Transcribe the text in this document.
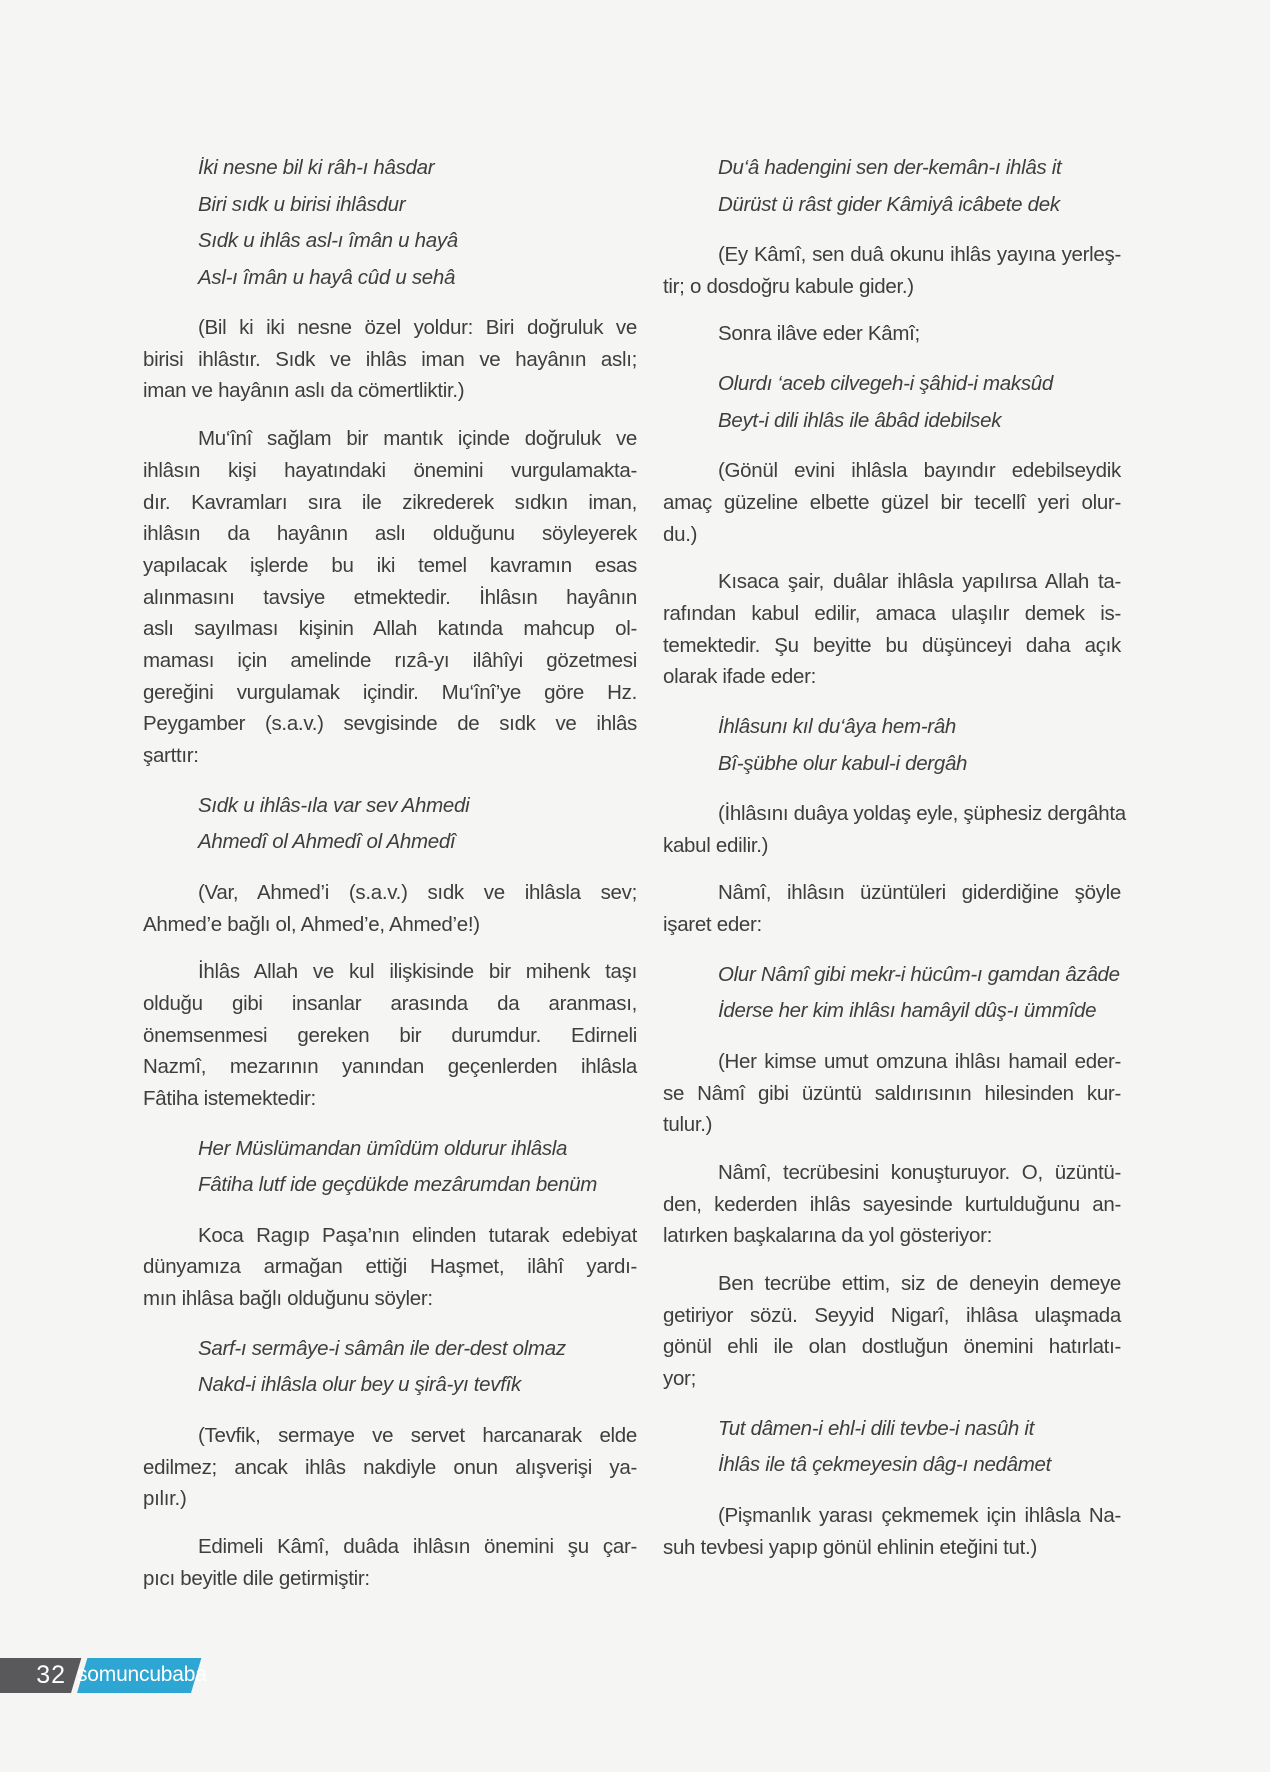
İki nesne bil ki râh-ı hâsdar
Biri sıdk u birisi ihlâsdur
Sıdk u ihlâs asl-ı îmân u hayâ
Asl-ı îmân u hayâ cûd u sehâ
(Bil ki iki nesne özel yoldur: Biri doğruluk ve
birisi ihlâstır. Sıdk ve ihlâs iman ve hayânın aslı;
iman ve hayânın aslı da cömertliktir.)
Mu‘înî sağlam bir mantık içinde doğruluk ve
ihlâsın kişi hayatındaki önemini vurgulamakta-
dır. Kavramları sıra ile zikrederek sıdkın iman,
ihlâsın da hayânın aslı olduğunu söyleyerek
yapılacak işlerde bu iki temel kavramın esas
alınmasını tavsiye etmektedir. İhlâsın hayânın
aslı sayılması kişinin Allah katında mahcup ol-
maması için amelinde rızâ-yı ilâhîyi gözetmesi
gereğini vurgulamak içindir. Mu‘înî’ye göre Hz.
Peygamber (s.a.v.) sevgisinde de sıdk ve ihlâs
şarttır:
Sıdk u ihlâs-ıla var sev Ahmedi
Ahmedî ol Ahmedî ol Ahmedî
(Var, Ahmed’i (s.a.v.) sıdk ve ihlâsla sev;
Ahmed’e bağlı ol, Ahmed’e, Ahmed’e!)
İhlâs Allah ve kul ilişkisinde bir mihenk taşı
olduğu gibi insanlar arasında da aranması,
önemsenmesi gereken bir durumdur. Edirneli
Nazmî, mezarının yanından geçenlerden ihlâsla
Fâtiha istemektedir:
Her Müslümandan ümîdüm oldurur ihlâsla
Fâtiha lutf ide geçdükde mezârumdan benüm
Koca Ragıp Paşa’nın elinden tutarak edebiyat
dünyamıza armağan ettiği Haşmet, ilâhî yardı-
mın ihlâsa bağlı olduğunu söyler:
Sarf-ı sermâye-i sâmân ile der-dest olmaz
Nakd-i ihlâsla olur bey u şirâ-yı tevfîk
(Tevfik, sermaye ve servet harcanarak elde
edilmez; ancak ihlâs nakdiyle onun alışverişi ya-
pılır.)
Edimeli Kâmî, duâda ihlâsın önemini şu çar-
pıcı beyitle dile getirmiştir:
Du‘â hadengini sen der-kemân-ı ihlâs it
Dürüst ü râst gider Kâmiyâ icâbete dek
(Ey Kâmî, sen duâ okunu ihlâs yayına yerleş-
tir; o dosdoğru kabule gider.)
Sonra ilâve eder Kâmî;
Olurdı ‘aceb cilvegeh-i şâhid-i maksûd
Beyt-i dili ihlâs ile âbâd idebilsek
(Gönül evini ihlâsla bayındır edebilseydik
amaç güzeline elbette güzel bir tecellî yeri olur-
du.)
Kısaca şair, duâlar ihlâsla yapılırsa Allah ta-
rafından kabul edilir, amaca ulaşılır demek is-
temektedir. Şu beyitte bu düşünceyi daha açık
olarak ifade eder:
İhlâsunı kıl du‘âya hem-râh
Bî-şübhe olur kabul-i dergâh
(İhlâsını duâya yoldaş eyle, şüphesiz dergâhta
kabul edilir.)
Nâmî, ihlâsın üzüntüleri giderdiğine şöyle
işaret eder:
Olur Nâmî gibi mekr-i hücûm-ı gamdan âzâde
İderse her kim ihlâsı hamâyil dûş-ı ümmîde
(Her kimse umut omzuna ihlâsı hamail eder-
se Nâmî gibi üzüntü saldırısının hilesinden kur-
tulur.)
Nâmî, tecrübesini konuşturuyor. O, üzüntü-
den, kederden ihlâs sayesinde kurtulduğunu an-
latırken başkalarına da yol gösteriyor:
Ben tecrübe ettim, siz de deneyin demeye
getiriyor sözü. Seyyid Nigarî, ihlâsa ulaşmada
gönül ehli ile olan dostluğun önemini hatırlatı-
yor;
Tut dâmen-i ehl-i dili tevbe-i nasûh it
İhlâs ile tâ çekmeyesin dâg-ı nedâmet
(Pişmanlık yarası çekmemek için ihlâsla Na-
suh tevbesi yapıp gönül ehlinin eteğini tut.)
32 somuncubaba
